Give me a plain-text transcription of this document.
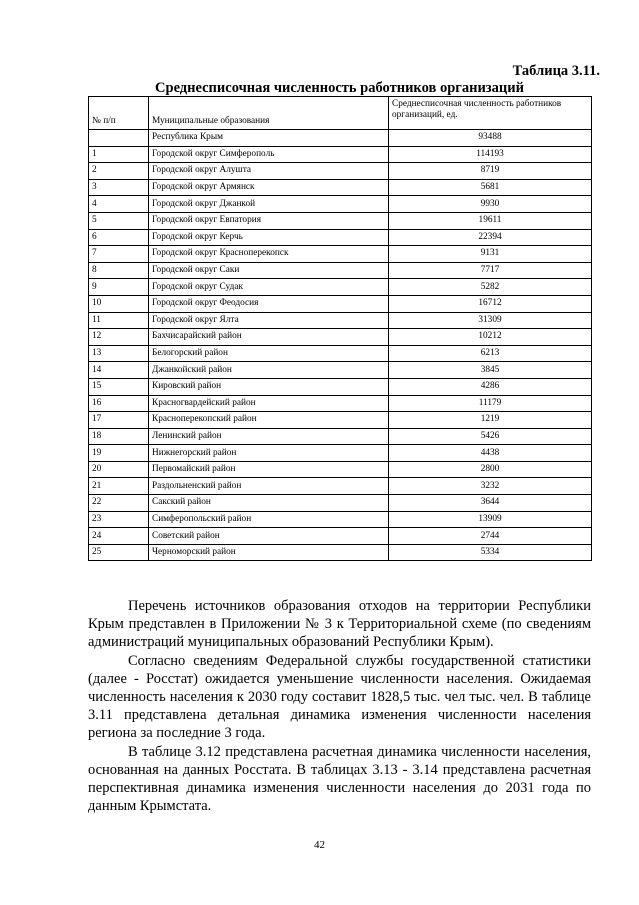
Таблица 3.11.
Среднесписочная численность работников организаций
№ п/п	Муниципальные образования	Среднесписочная численность работников организаций, ед.
	Республика Крым	93488
1	Городской округ Симферополь	114193
2	Городской округ Алушта	8719
3	Городской округ Армянск	5681
4	Городской округ Джанкой	9930
5	Городской округ Евпатория	19611
6	Городской округ Керчь	22394
7	Городской округ Красноперекопск	9131
8	Городской округ Саки	7717
9	Городской округ Судак	5282
10	Городской округ Феодосия	16712
11	Городской округ Ялта	31309
12	Бахчисарайский район	10212
13	Белогорский район	6213
14	Джанкойский район	3845
15	Кировский район	4286
16	Красногвардейский район	11179
17	Красноперекопский район	1219
18	Ленинский район	5426
19	Нижнегорский район	4438
20	Первомайский район	2800
21	Раздольненский район	3232
22	Сакский район	3644
23	Симферопольский район	13909
24	Советский район	2744
25	Черноморский район	5334

Перечень источников образования отходов на территории Республики Крым представлен в Приложении № 3 к Территориальной схеме (по сведениям администраций муниципальных образований Республики Крым).

Согласно сведениям Федеральной службы государственной статистики (далее - Росстат) ожидается уменьшение численности населения. Ожидаемая численность населения к 2030 году составит 1828,5 тыс. чел тыс. чел. В таблице 3.11 представлена детальная динамика изменения численности населения региона за последние 3 года.

В таблице 3.12 представлена расчетная динамика численности населения, основанная на данных Росстата. В таблицах 3.13 - 3.14 представлена расчетная перспективная динамика изменения численности населения до 2031 года по данным Крымстата.

42
